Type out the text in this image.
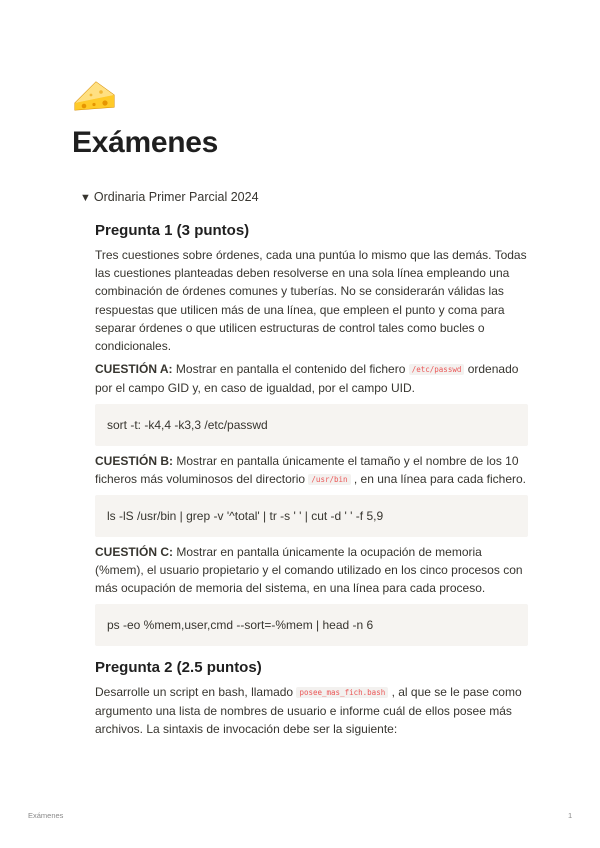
Exámenes
▼ Ordinaria Primer Parcial 2024
Pregunta 1 (3 puntos)

Tres cuestiones sobre órdenes, cada una puntúa lo mismo que las demás. Todas las cuestiones planteadas deben resolverse en una sola línea empleando una combinación de órdenes comunes y tuberías. No se considerarán válidas las respuestas que utilicen más de una línea, que empleen el punto y coma para separar órdenes o que utilicen estructuras de control tales como bucles o condicionales.

CUESTIÓN A: Mostrar en pantalla el contenido del fichero /etc/passwd ordenado por el campo GID y, en caso de igualdad, por el campo UID.

sort -t: -k4,4 -k3,3 /etc/passwd

CUESTIÓN B: Mostrar en pantalla únicamente el tamaño y el nombre de los 10 ficheros más voluminosos del directorio /usr/bin , en una línea para cada fichero.

ls -lS /usr/bin | grep -v '^total' | tr -s ' ' | cut -d ' ' -f 5,9

CUESTIÓN C: Mostrar en pantalla únicamente la ocupación de memoria (%mem), el usuario propietario y el comando utilizado en los cinco procesos con más ocupación de memoria del sistema, en una línea para cada proceso.

ps -eo %mem,user,cmd --sort=-%mem | head -n 6
Pregunta 2 (2.5 puntos)

Desarrolle un script en bash, llamado posee_mas_fich.bash , al que se le pase como argumento una lista de nombres de usuario e informe cuál de ellos posee más archivos. La sintaxis de invocación debe ser la siguiente:

Exámenes	1
